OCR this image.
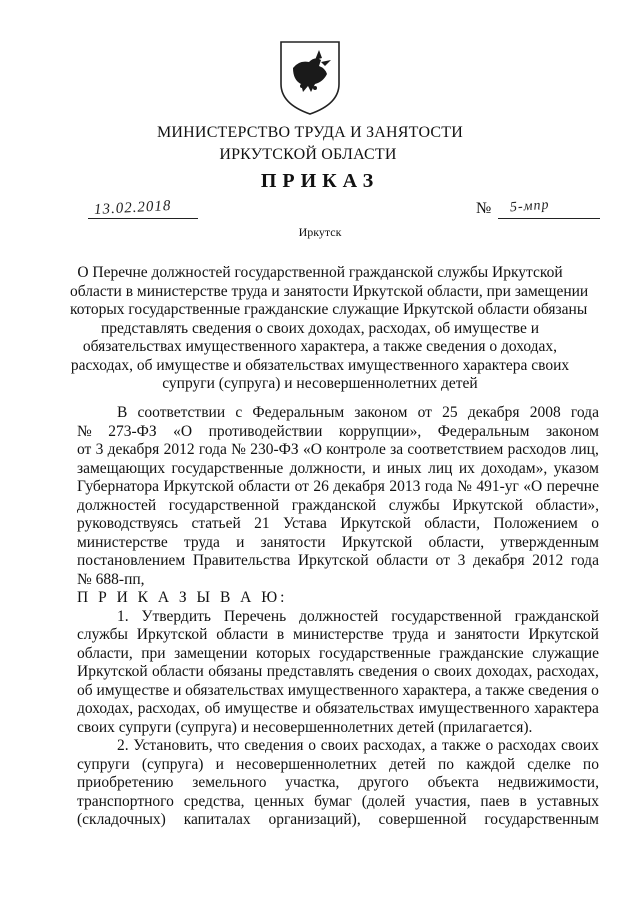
МИНИСТЕРСТВО ТРУДА И ЗАНЯТОСТИ
ИРКУТСКОЙ ОБЛАСТИ
ПРИКАЗ
13.02.2018	№ 5-мпр
Иркутск
О Перечне должностей государственной гражданской службы Иркутской
области в министерстве труда и занятости Иркутской области, при замещении
которых государственные гражданские служащие Иркутской области обязаны
представлять сведения о своих доходах, расходах, об имуществе и
обязательствах имущественного характера, а также сведения о доходах,
расходах, об имуществе и обязательствах имущественного характера своих
супруги (супруга) и несовершеннолетних детей
В соответствии с Федеральным законом от 25 декабря 2008 года
№ 273-ФЗ «О противодействии коррупции», Федеральным законом
от 3 декабря 2012 года № 230-ФЗ «О контроле за соответствием расходов лиц,
замещающих государственные должности, и иных лиц их доходам», указом
Губернатора Иркутской области от 26 декабря 2013 года № 491-уг «О перечне
должностей государственной гражданской службы Иркутской области»,
руководствуясь статьей 21 Устава Иркутской области, Положением о
министерстве труда и занятости Иркутской области, утвержденным
постановлением Правительства Иркутской области от 3 декабря 2012 года
№ 688-пп,
П Р И К А З Ы В А Ю:
1. Утвердить Перечень должностей государственной гражданской
службы Иркутской области в министерстве труда и занятости Иркутской
области, при замещении которых государственные гражданские служащие
Иркутской области обязаны представлять сведения о своих доходах, расходах,
об имуществе и обязательствах имущественного характера, а также сведения о
доходах, расходах, об имуществе и обязательствах имущественного характера
своих супруги (супруга) и несовершеннолетних детей (прилагается).
2. Установить, что сведения о своих расходах, а также о расходах своих
супруги (супруга) и несовершеннолетних детей по каждой сделке по
приобретению земельного участка, другого объекта недвижимости,
транспортного средства, ценных бумаг (долей участия, паев в уставных
(складочных) капиталах организаций), совершенной государственным
